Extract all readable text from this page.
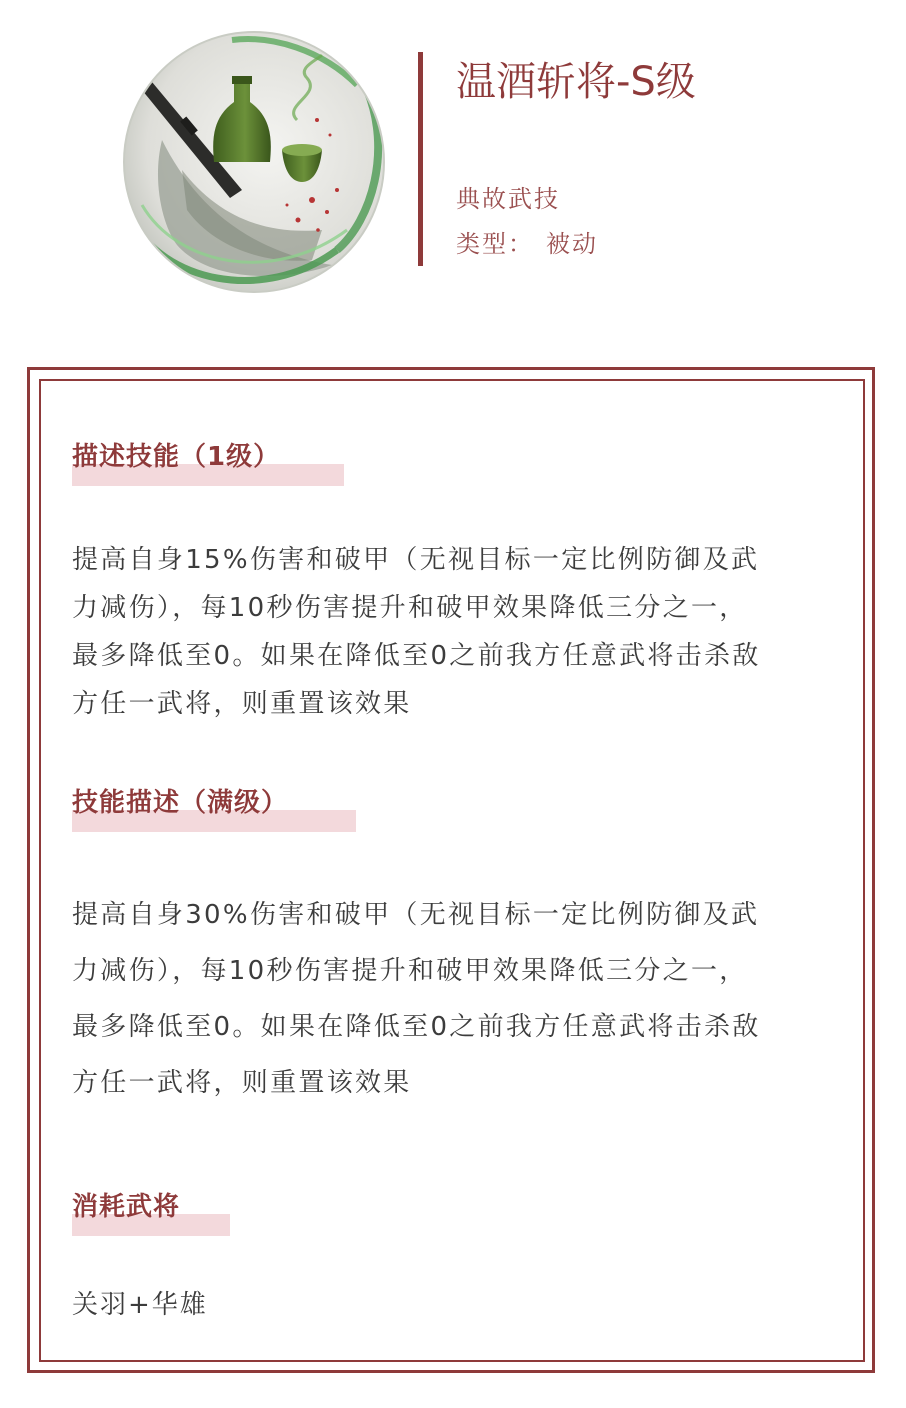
温酒斩将-S级
典故武技
类型： 被动
描述技能（1级）
提高自身15%伤害和破甲（无视目标一定比例防御及武
力减伤），每10秒伤害提升和破甲效果降低三分之一，
最多降低至0。如果在降低至0之前我方任意武将击杀敌
方任一武将，则重置该效果
技能描述（满级）
提高自身30%伤害和破甲（无视目标一定比例防御及武
力减伤），每10秒伤害提升和破甲效果降低三分之一，
最多降低至0。如果在降低至0之前我方任意武将击杀敌
方任一武将，则重置该效果
消耗武将
关羽+华雄
